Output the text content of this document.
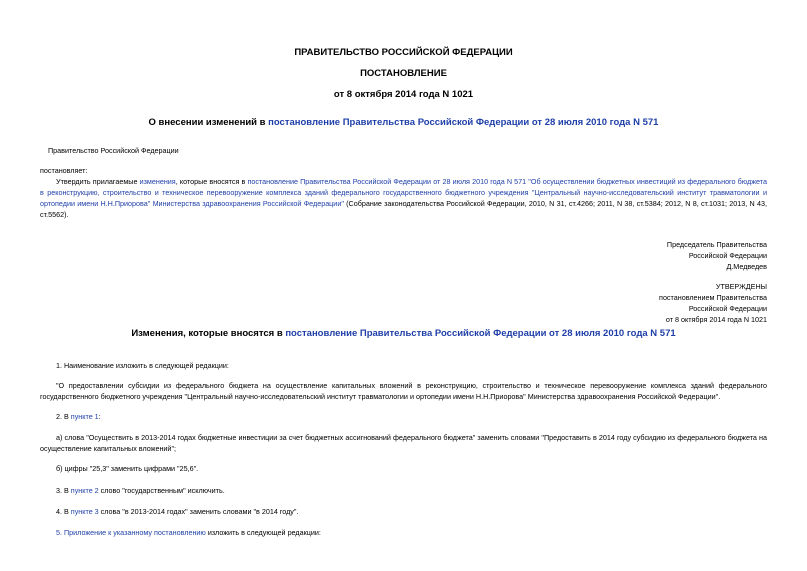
ПРАВИТЕЛЬСТВО РОССИЙСКОЙ ФЕДЕРАЦИИ
ПОСТАНОВЛЕНИЕ
от 8 октября 2014 года N 1021
О внесении изменений в постановление Правительства Российской Федерации от 28 июля 2010 года N 571
Правительство Российской Федерации
постановляет:
Утвердить прилагаемые изменения, которые вносятся в постановление Правительства Российской Федерации от 28 июля 2010 года N 571 "Об осуществлении бюджетных инвестиций из федерального бюджета в реконструкцию, строительство и техническое перевооружение комплекса зданий федерального государственного бюджетного учреждения "Центральный научно-исследовательский институт травматологии и ортопедии имени Н.Н.Приорова" Министерства здравоохранения Российской Федерации" (Собрание законодательства Российской Федерации, 2010, N 31, ст.4266; 2011, N 38, ст.5384; 2012, N 8, ст.1031; 2013, N 43, ст.5562).
Председатель Правительства
Российской Федерации
Д.Медведев
УТВЕРЖДЕНЫ
постановлением Правительства
Российской Федерации
от 8 октября 2014 года N 1021
Изменения, которые вносятся в постановление Правительства Российской Федерации от 28 июля 2010 года N 571
1. Наименование изложить в следующей редакции:
"О предоставлении субсидии из федерального бюджета на осуществление капитальных вложений в реконструкцию, строительство и техническое перевооружение комплекса зданий федерального государственного бюджетного учреждения "Центральный научно-исследовательский институт травматологии и ортопедии имени Н.Н.Приорова" Министерства здравоохранения Российской Федерации".
2. В пункте 1:
а) слова "Осуществить в 2013-2014 годах бюджетные инвестиции за счет бюджетных ассигнований федерального бюджета" заменить словами "Предоставить в 2014 году субсидию из федерального бюджета на осуществление капитальных вложений";
б) цифры "25,3" заменить цифрами "25,6".
3. В пункте 2 слово "государственным" исключить.
4. В пункте 3 слова "в 2013-2014 годах" заменить словами "в 2014 году".
5. Приложение к указанному постановлению изложить в следующей редакции:
